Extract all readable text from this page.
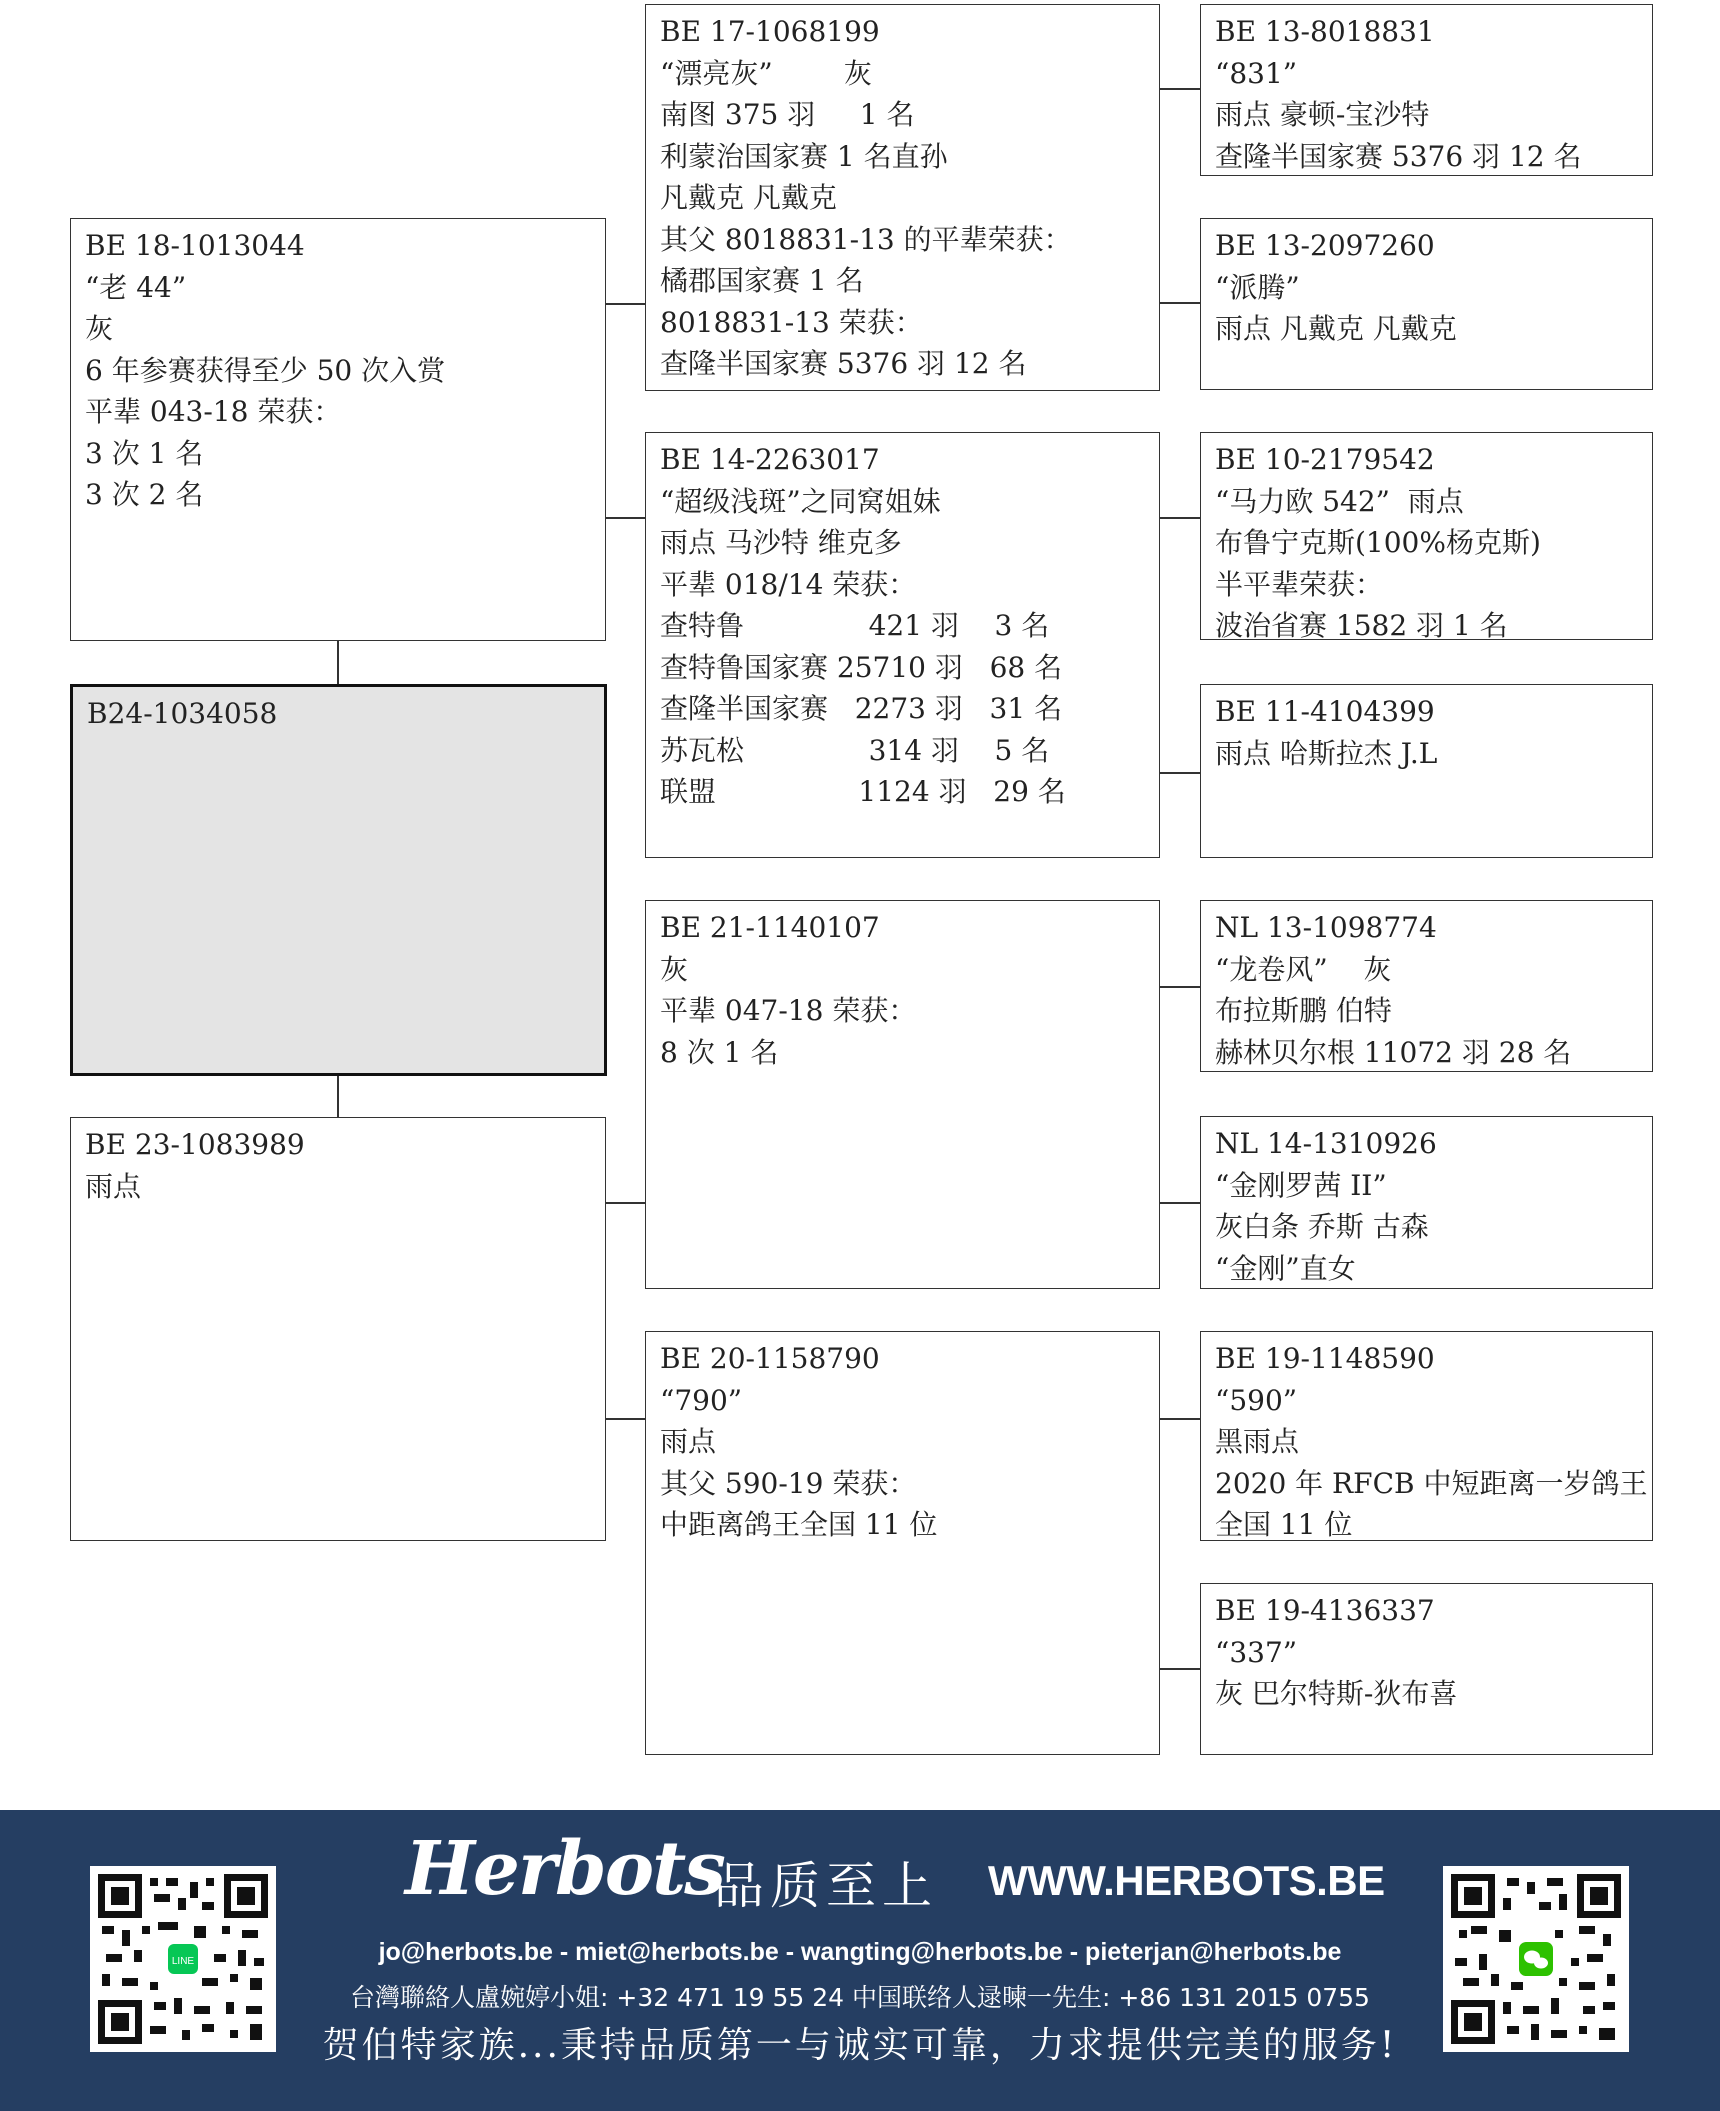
BE 18-1013044
“老 44”
灰
6 年参赛获得至少 50 次入赏
平辈 043-18 荣获：
3 次 1 名
3 次 2 名
B24-1034058
BE 23-1083989
雨点
BE 17-1068199
“漂亮灰”        灰
南图 375 羽     1 名
利蒙治国家赛 1 名直孙
凡戴克 凡戴克
其父 8018831-13 的平辈荣获：
橘郡国家赛 1 名
8018831-13 荣获：
查隆半国家赛 5376 羽 12 名
BE 14-2263017
“超级浅斑”之同窝姐妹
雨点 马沙特 维克多
平辈 018/14 荣获：
查特鲁              421 羽    3 名
查特鲁国家赛 25710 羽   68 名
查隆半国家赛   2273 羽   31 名
苏瓦松              314 羽    5 名
联盟                1124 羽   29 名
BE 21-1140107
灰
平辈 047-18 荣获：
8 次 1 名
BE 20-1158790
“790”
雨点
其父 590-19 荣获：
中距离鸽王全国 11 位
BE 13-8018831
“831”
雨点 豪顿-宝沙特
查隆半国家赛 5376 羽 12 名
BE 13-2097260
“派腾”
雨点 凡戴克 凡戴克
BE 10-2179542
“马力欧 542”  雨点
布鲁宁克斯(100%杨克斯)
半平辈荣获：
波治省赛 1582 羽 1 名
BE 11-4104399
雨点 哈斯拉杰 J.L
NL 13-1098774
“龙卷风”    灰
布拉斯鹏 伯特
赫林贝尔根 11072 羽 28 名
NL 14-1310926
“金刚罗茜 II”
灰白条 乔斯 古森
“金刚”直女
BE 19-1148590
“590”
黑雨点
2020 年 RFCB 中短距离一岁鸽王
全国 11 位
BE 19-4136337
“337”
灰 巴尔特斯-狄布喜
LINE
Herbots
品质至上 WWW.HERBOTS.BE
jo@herbots.be - miet@herbots.be - wangting@herbots.be - pieterjan@herbots.be
台灣聯絡人盧婉婷小姐: +32 471 19 55 24 中国联络人逯暕一先生: +86 131 2015 0755
贺伯特家族...秉持品质第一与诚实可靠，力求提供完美的服务!
